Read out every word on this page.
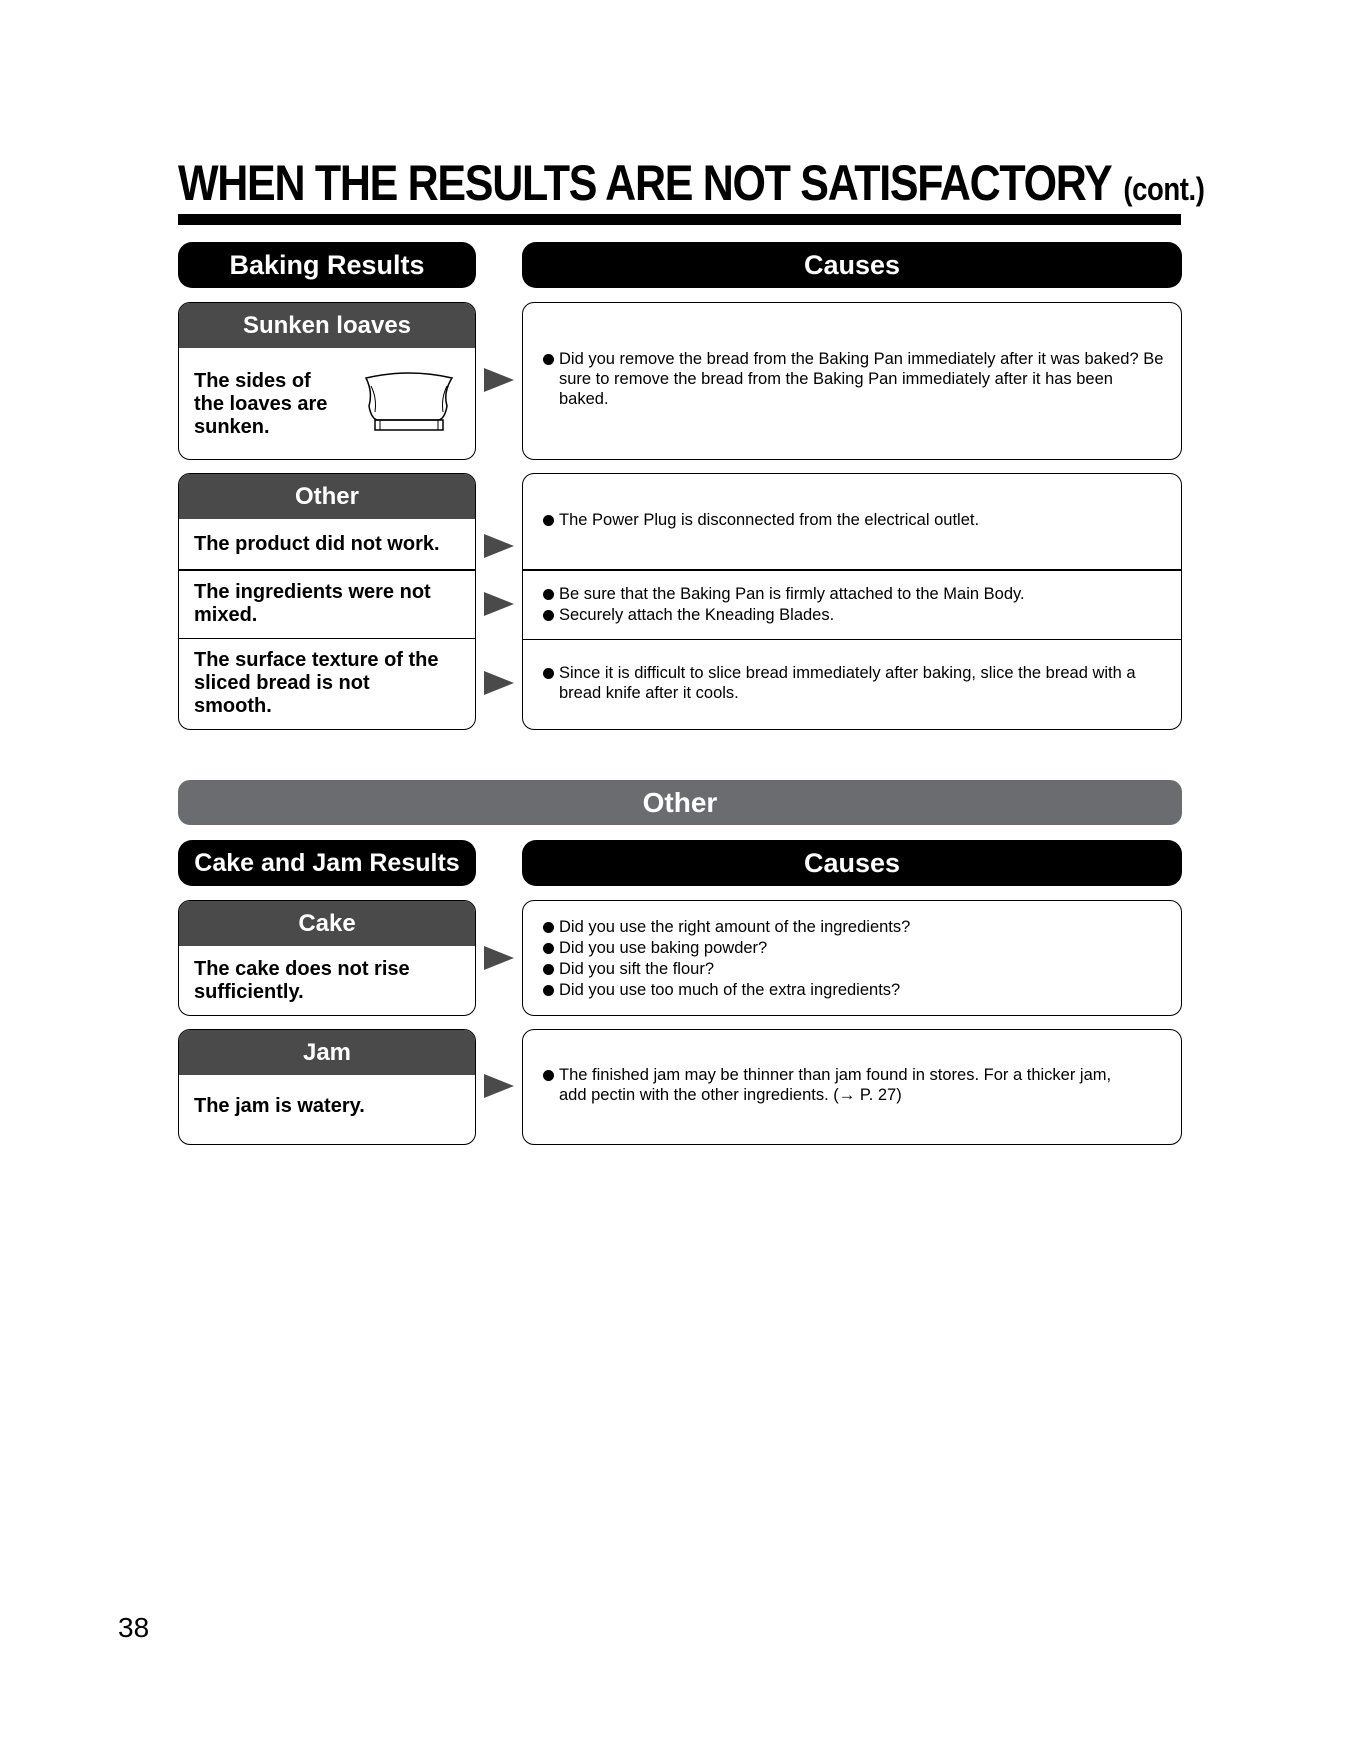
WHEN THE RESULTS ARE NOT SATISFACTORY (cont.)
Baking Results	Causes
Sunken loaves
The sides of the loaves are sunken.
Did you remove the bread from the Baking Pan immediately after it was baked? Be sure to remove the bread from the Baking Pan immediately after it has been baked.
Other
The product did not work.
The ingredients were not mixed.
The surface texture of the sliced bread is not smooth.
The Power Plug is disconnected from the electrical outlet.
Be sure that the Baking Pan is firmly attached to the Main Body.
Securely attach the Kneading Blades.
Since it is difficult to slice bread immediately after baking, slice the bread with a bread knife after it cools.
Other
Cake and Jam Results	Causes
Cake
The cake does not rise sufficiently.
Did you use the right amount of the ingredients?
Did you use baking powder?
Did you sift the flour?
Did you use too much of the extra ingredients?
Jam
The jam is watery.
The finished jam may be thinner than jam found in stores. For a thicker jam, add pectin with the other ingredients. (→ P. 27)
38
